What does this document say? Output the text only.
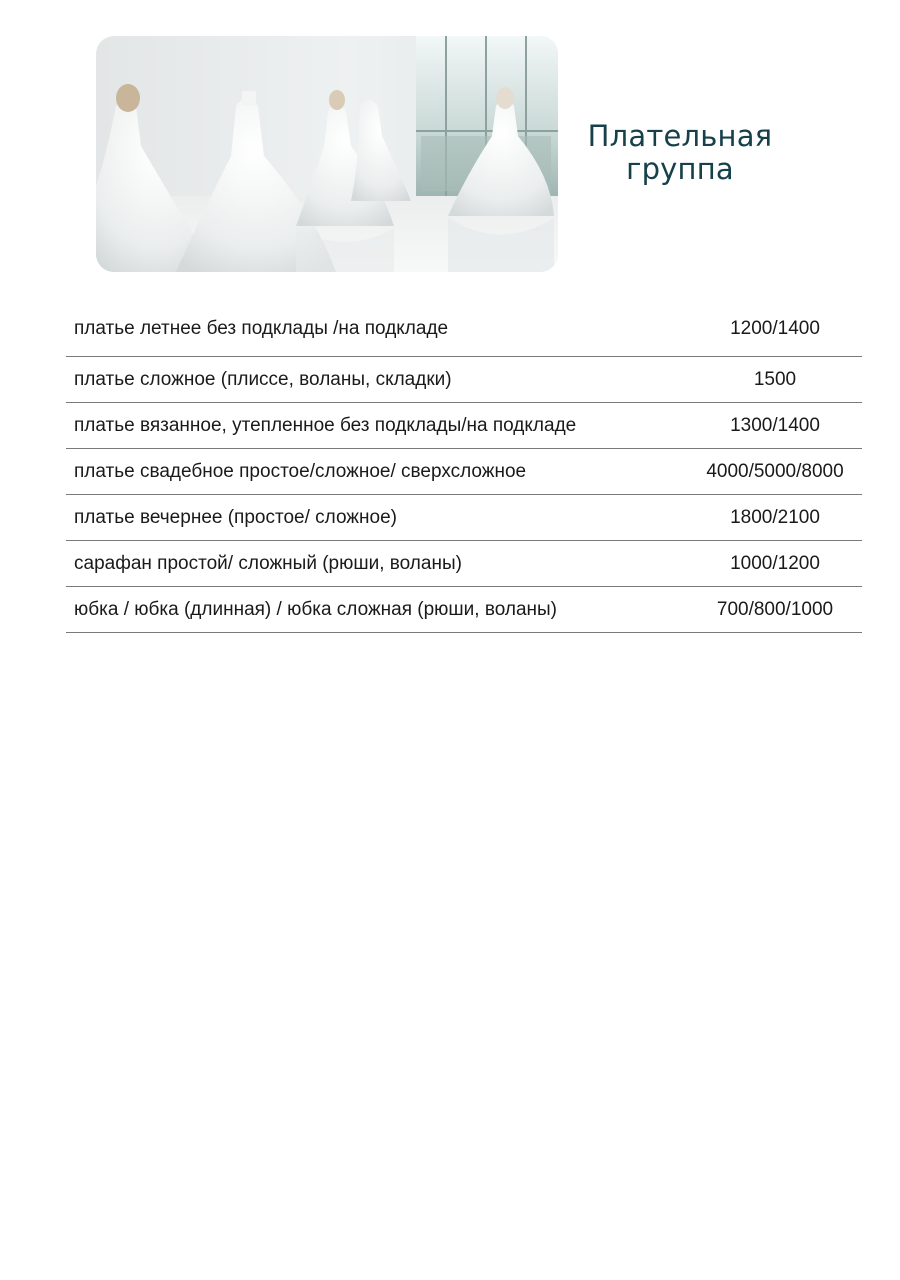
Плательная
группа
платье летнее без подклады /на подкладе	1200/1400
платье сложное (плиссе, воланы, складки)	1500
платье вязанное, утепленное без подклады/на подкладе	1300/1400
платье свадебное простое/сложное/ сверхсложное	4000/5000/8000
платье вечернее (простое/ сложное)	1800/2100
сарафан простой/ сложный (рюши, воланы)	1000/1200
юбка / юбка (длинная) / юбка сложная (рюши, воланы)	700/800/1000
